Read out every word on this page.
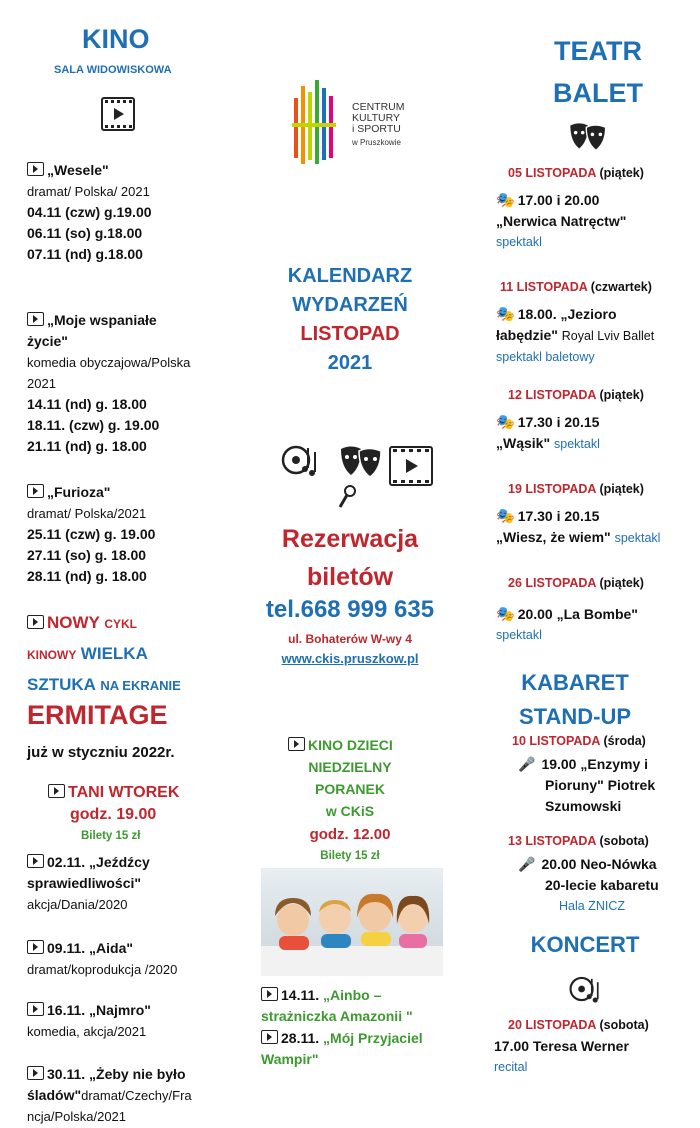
KINO
SALA WIDOWISKOWA
„Wesele"
dramat/ Polska/ 2021
04.11 (czw) g.19.00
06.11 (so) g.18.00
07.11 (nd) g.18.00
„Moje wspaniałe
życie"
komedia obyczajowa/Polska
2021
14.11 (nd) g. 18.00
18.11. (czw) g. 19.00
21.11 (nd) g. 18.00
„Furioza"
dramat/ Polska/2021
25.11 (czw) g. 19.00
27.11 (so) g. 18.00
28.11 (nd) g. 18.00
NOWY CYKL
KINOWY WIELKA
SZTUKA NA EKRANIE
ERMITAGE
już w styczniu 2022r.
TANI WTOREK
godz. 19.00
Bilety 15 zł
02.11. „Jeźdźcy
sprawiedliwości"
akcja/Dania/2020
09.11. „Aida"
dramat/koprodukcja /2020
16.11. „Najmro"
komedia, akcja/2021
30.11. „Żeby nie było
śladów"dramat/Czechy/Fra
ncja/Polska/2021
CENTRUM
KULTURY
i SPORTU
w Pruszkowie
KALENDARZ
WYDARZEŃ
LISTOPAD
2021
Rezerwacja
biletów
tel.668 999 635
ul. Bohaterów W-wy 4
www.ckis.pruszkow.pl
KINO DZIECI
NIEDZIELNY
PORANEK
w CKiS
godz. 12.00
Bilety 15 zł
14.11. „Ainbo –
strażniczka Amazonii "
28.11. „Mój Przyjaciel
Wampir"
TEATR
BALET
05 LISTOPADA (piątek)
🎭 17.00 i 20.00
„Nerwica Natręctw"
spektakl
11 LISTOPADA (czwartek)
🎭 18.00. „Jezioro
łabędzie" Royal Lviv Ballet
spektakl baletowy
12 LISTOPADA (piątek)
🎭 17.30 i 20.15
„Wąsik" spektakl
19 LISTOPADA (piątek)
🎭 17.30 i 20.15
„Wiesz, że wiem" spektakl
26 LISTOPADA (piątek)
🎭 20.00 „La Bombe"
spektakl
KABARET
STAND-UP
10 LISTOPADA (środa)
🎤 19.00 „Enzymy i
Pioruny" Piotrek
Szumowski
13 LISTOPADA (sobota)
🎤 20.00 Neo-Nówka
20-lecie kabaretu
Hala ZNICZ
KONCERT
20 LISTOPADA (sobota)
17.00 Teresa Werner
recital
